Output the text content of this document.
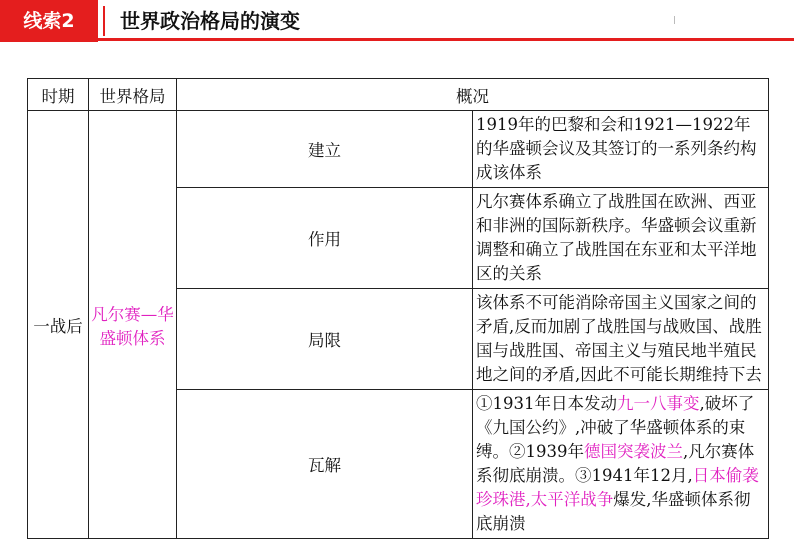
线索2	世界政治格局的演变
时期	世界格局	概况	
一战后	凡尔赛—华盛顿体系	建立	1919年的巴黎和会和1921—1922年的华盛顿会议及其签订的一系列条约构成该体系
		作用	凡尔赛体系确立了战胜国在欧洲、西亚和非洲的国际新秩序。华盛顿会议重新调整和确立了战胜国在东亚和太平洋地区的关系
		局限	该体系不可能消除帝国主义国家之间的矛盾,反而加剧了战胜国与战败国、战胜国与战胜国、帝国主义与殖民地半殖民地之间的矛盾,因此不可能长期维持下去
		瓦解	①1931年日本发动九一八事变,破坏了《九国公约》,冲破了华盛顿体系的束缚。②1939年德国突袭波兰,凡尔赛体系彻底崩溃。③1941年12月,日本偷袭珍珠港,太平洋战争爆发,华盛顿体系彻底崩溃
